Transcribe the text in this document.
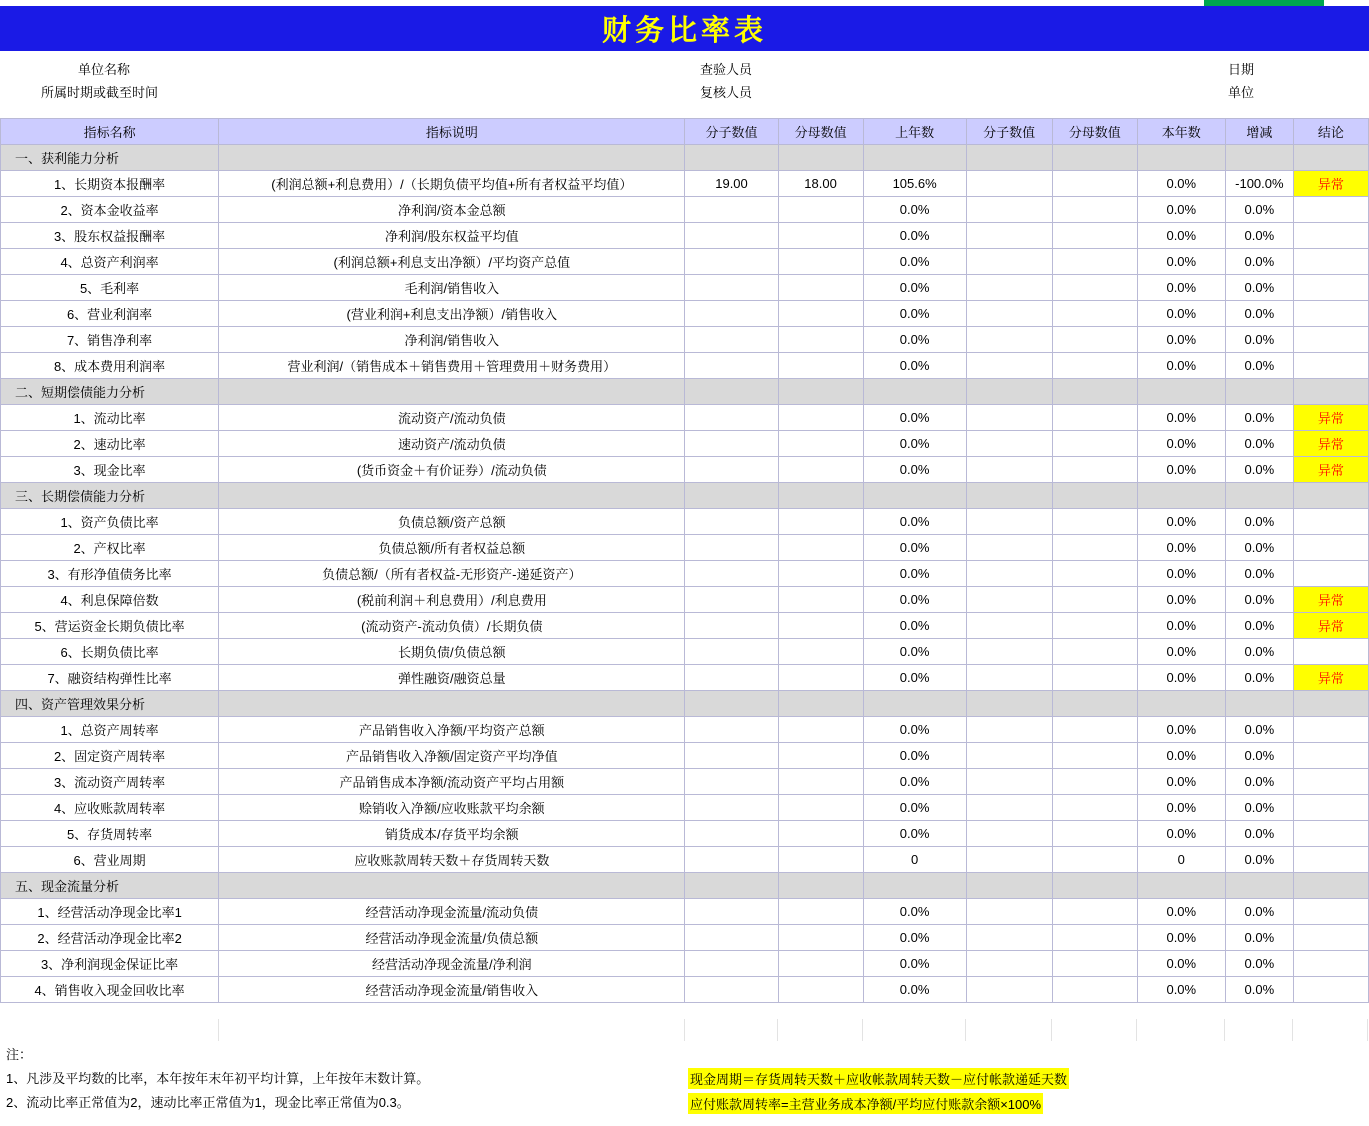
财务比率表
单位名称	查验人员	日期
所属时期或截至时间	复核人员	单位
指标名称	指标说明	分子数值	分母数值	上年数	分子数值	分母数值	本年数	增减	结论
一、获利能力分析									
1、长期资本报酬率	(利润总额+利息费用）/（长期负债平均值+所有者权益平均值）	19.00	18.00	105.6%			0.0%	-100.0%	异常
2、资本金收益率	净利润/资本金总额			0.0%			0.0%	0.0%	
3、股东权益报酬率	净利润/股东权益平均值			0.0%			0.0%	0.0%	
4、总资产利润率	(利润总额+利息支出净额）/平均资产总值			0.0%			0.0%	0.0%	
5、毛利率	毛利润/销售收入			0.0%			0.0%	0.0%	
6、营业利润率	(营业利润+利息支出净额）/销售收入			0.0%			0.0%	0.0%	
7、销售净利率	净利润/销售收入			0.0%			0.0%	0.0%	
8、成本费用利润率	营业利润/（销售成本＋销售费用＋管理费用＋财务费用）			0.0%			0.0%	0.0%	
二、短期偿债能力分析									
1、流动比率	流动资产/流动负债			0.0%			0.0%	0.0%	异常
2、速动比率	速动资产/流动负债			0.0%			0.0%	0.0%	异常
3、现金比率	(货币资金＋有价证券）/流动负债			0.0%			0.0%	0.0%	异常
三、长期偿债能力分析									
1、资产负债比率	负债总额/资产总额			0.0%			0.0%	0.0%	
2、产权比率	负债总额/所有者权益总额			0.0%			0.0%	0.0%	
3、有形净值债务比率	负债总额/（所有者权益-无形资产-递延资产）			0.0%			0.0%	0.0%	
4、利息保障倍数	(税前利润＋利息费用）/利息费用			0.0%			0.0%	0.0%	异常
5、营运资金长期负债比率	(流动资产-流动负债）/长期负债			0.0%			0.0%	0.0%	异常
6、长期负债比率	长期负债/负债总额			0.0%			0.0%	0.0%	
7、融资结构弹性比率	弹性融资/融资总量			0.0%			0.0%	0.0%	异常
四、资产管理效果分析									
1、总资产周转率	产品销售收入净额/平均资产总额			0.0%			0.0%	0.0%	
2、固定资产周转率	产品销售收入净额/固定资产平均净值			0.0%			0.0%	0.0%	
3、流动资产周转率	产品销售成本净额/流动资产平均占用额			0.0%			0.0%	0.0%	
4、应收账款周转率	赊销收入净额/应收账款平均余额			0.0%			0.0%	0.0%	
5、存货周转率	销货成本/存货平均余额			0.0%			0.0%	0.0%	
6、营业周期	应收账款周转天数＋存货周转天数			0			0	0.0%	
五、现金流量分析									
1、经营活动净现金比率1	经营活动净现金流量/流动负债			0.0%			0.0%	0.0%	
2、经营活动净现金比率2	经营活动净现金流量/负债总额			0.0%			0.0%	0.0%	
3、净利润现金保证比率	经营活动净现金流量/净利润			0.0%			0.0%	0.0%	
4、销售收入现金回收比率	经营活动净现金流量/销售收入			0.0%			0.0%	0.0%	
注：
1、凡涉及平均数的比率，本年按年末年初平均计算，上年按年末数计算。
2、流动比率正常值为2，速动比率正常值为1，现金比率正常值为0.3。
现金周期＝存货周转天数＋应收帐款周转天数－应付帐款递延天数
应付账款周转率=主营业务成本净额/平均应付账款余额×100%
